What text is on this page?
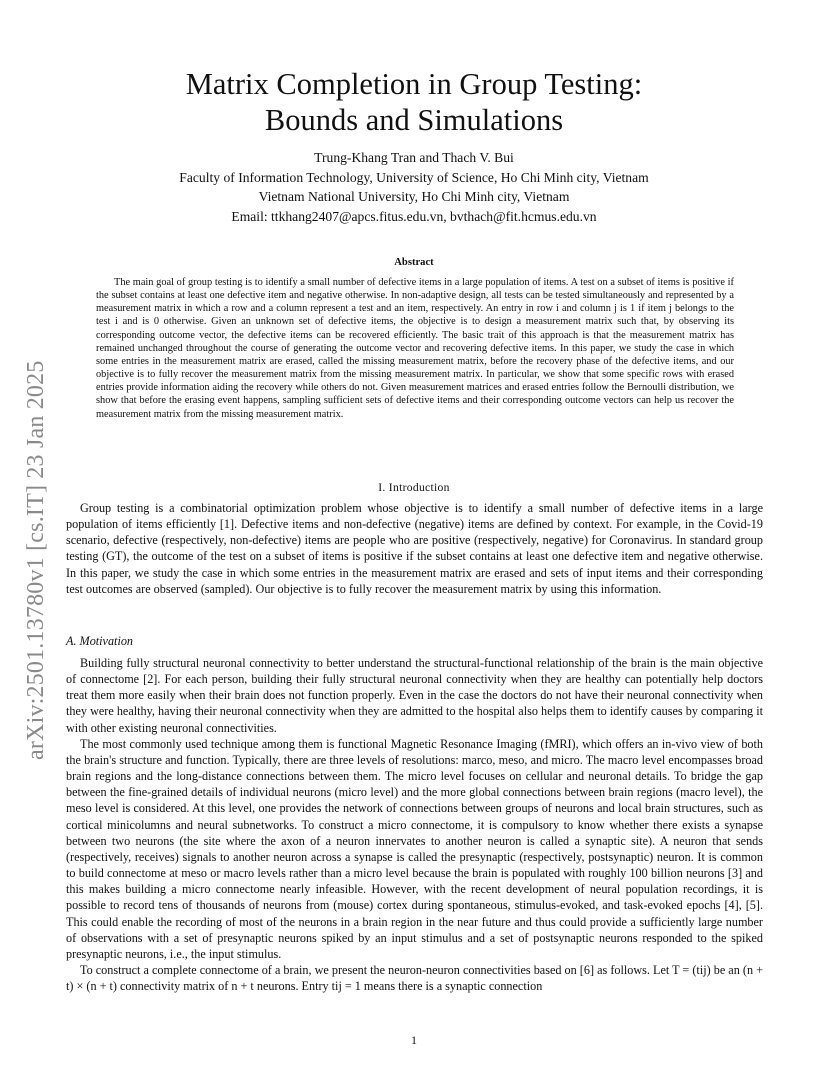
arXiv:2501.13780v1 [cs.IT] 23 Jan 2025
Matrix Completion in Group Testing:
Bounds and Simulations
Trung-Khang Tran and Thach V. Bui
Faculty of Information Technology, University of Science, Ho Chi Minh city, Vietnam
Vietnam National University, Ho Chi Minh city, Vietnam
Email: ttkhang2407@apcs.fitus.edu.vn, bvthach@fit.hcmus.edu.vn
Abstract

The main goal of group testing is to identify a small number of defective items in a large population of items. A test on a subset of items is positive if the subset contains at least one defective item and negative otherwise. In non-adaptive design, all tests can be tested simultaneously and represented by a measurement matrix in which a row and a column represent a test and an item, respectively. An entry in row i and column j is 1 if item j belongs to the test i and is 0 otherwise. Given an unknown set of defective items, the objective is to design a measurement matrix such that, by observing its corresponding outcome vector, the defective items can be recovered efficiently. The basic trait of this approach is that the measurement matrix has remained unchanged throughout the course of generating the outcome vector and recovering defective items. In this paper, we study the case in which some entries in the measurement matrix are erased, called the missing measurement matrix, before the recovery phase of the defective items, and our objective is to fully recover the measurement matrix from the missing measurement matrix. In particular, we show that some specific rows with erased entries provide information aiding the recovery while others do not. Given measurement matrices and erased entries follow the Bernoulli distribution, we show that before the erasing event happens, sampling sufficient sets of defective items and their corresponding outcome vectors can help us recover the measurement matrix from the missing measurement matrix.

I. Introduction

Group testing is a combinatorial optimization problem whose objective is to identify a small number of defective items in a large population of items efficiently [1]. Defective items and non-defective (negative) items are defined by context. For example, in the Covid-19 scenario, defective (respectively, non-defective) items are people who are positive (respectively, negative) for Coronavirus. In standard group testing (GT), the outcome of the test on a subset of items is positive if the subset contains at least one defective item and negative otherwise. In this paper, we study the case in which some entries in the measurement matrix are erased and sets of input items and their corresponding test outcomes are observed (sampled). Our objective is to fully recover the measurement matrix by using this information.

A. Motivation

Building fully structural neuronal connectivity to better understand the structural-functional relationship of the brain is the main objective of connectome [2]. For each person, building their fully structural neuronal connectivity when they are healthy can potentially help doctors treat them more easily when their brain does not function properly. Even in the case the doctors do not have their neuronal connectivity when they were healthy, having their neuronal connectivity when they are admitted to the hospital also helps them to identify causes by comparing it with other existing neuronal connectivities.

The most commonly used technique among them is functional Magnetic Resonance Imaging (fMRI), which offers an in-vivo view of both the brain's structure and function. Typically, there are three levels of resolutions: marco, meso, and micro. The macro level encompasses broad brain regions and the long-distance connections between them. The micro level focuses on cellular and neuronal details. To bridge the gap between the fine-grained details of individual neurons (micro level) and the more global connections between brain regions (macro level), the meso level is considered. At this level, one provides the network of connections between groups of neurons and local brain structures, such as cortical minicolumns and neural subnetworks. To construct a micro connectome, it is compulsory to know whether there exists a synapse between two neurons (the site where the axon of a neuron innervates to another neuron is called a synaptic site). A neuron that sends (respectively, receives) signals to another neuron across a synapse is called the presynaptic (respectively, postsynaptic) neuron. It is common to build connectome at meso or macro levels rather than a micro level because the brain is populated with roughly 100 billion neurons [3] and this makes building a micro connectome nearly infeasible. However, with the recent development of neural population recordings, it is possible to record tens of thousands of neurons from (mouse) cortex during spontaneous, stimulus-evoked, and task-evoked epochs [4], [5]. This could enable the recording of most of the neurons in a brain region in the near future and thus could provide a sufficiently large number of observations with a set of presynaptic neurons spiked by an input stimulus and a set of postsynaptic neurons responded to the spiked presynaptic neurons, i.e., the input stimulus.

To construct a complete connectome of a brain, we present the neuron-neuron connectivities based on [6] as follows. Let T = (tij) be an (n + t) × (n + t) connectivity matrix of n + t neurons. Entry tij = 1 means there is a synaptic connection

1
